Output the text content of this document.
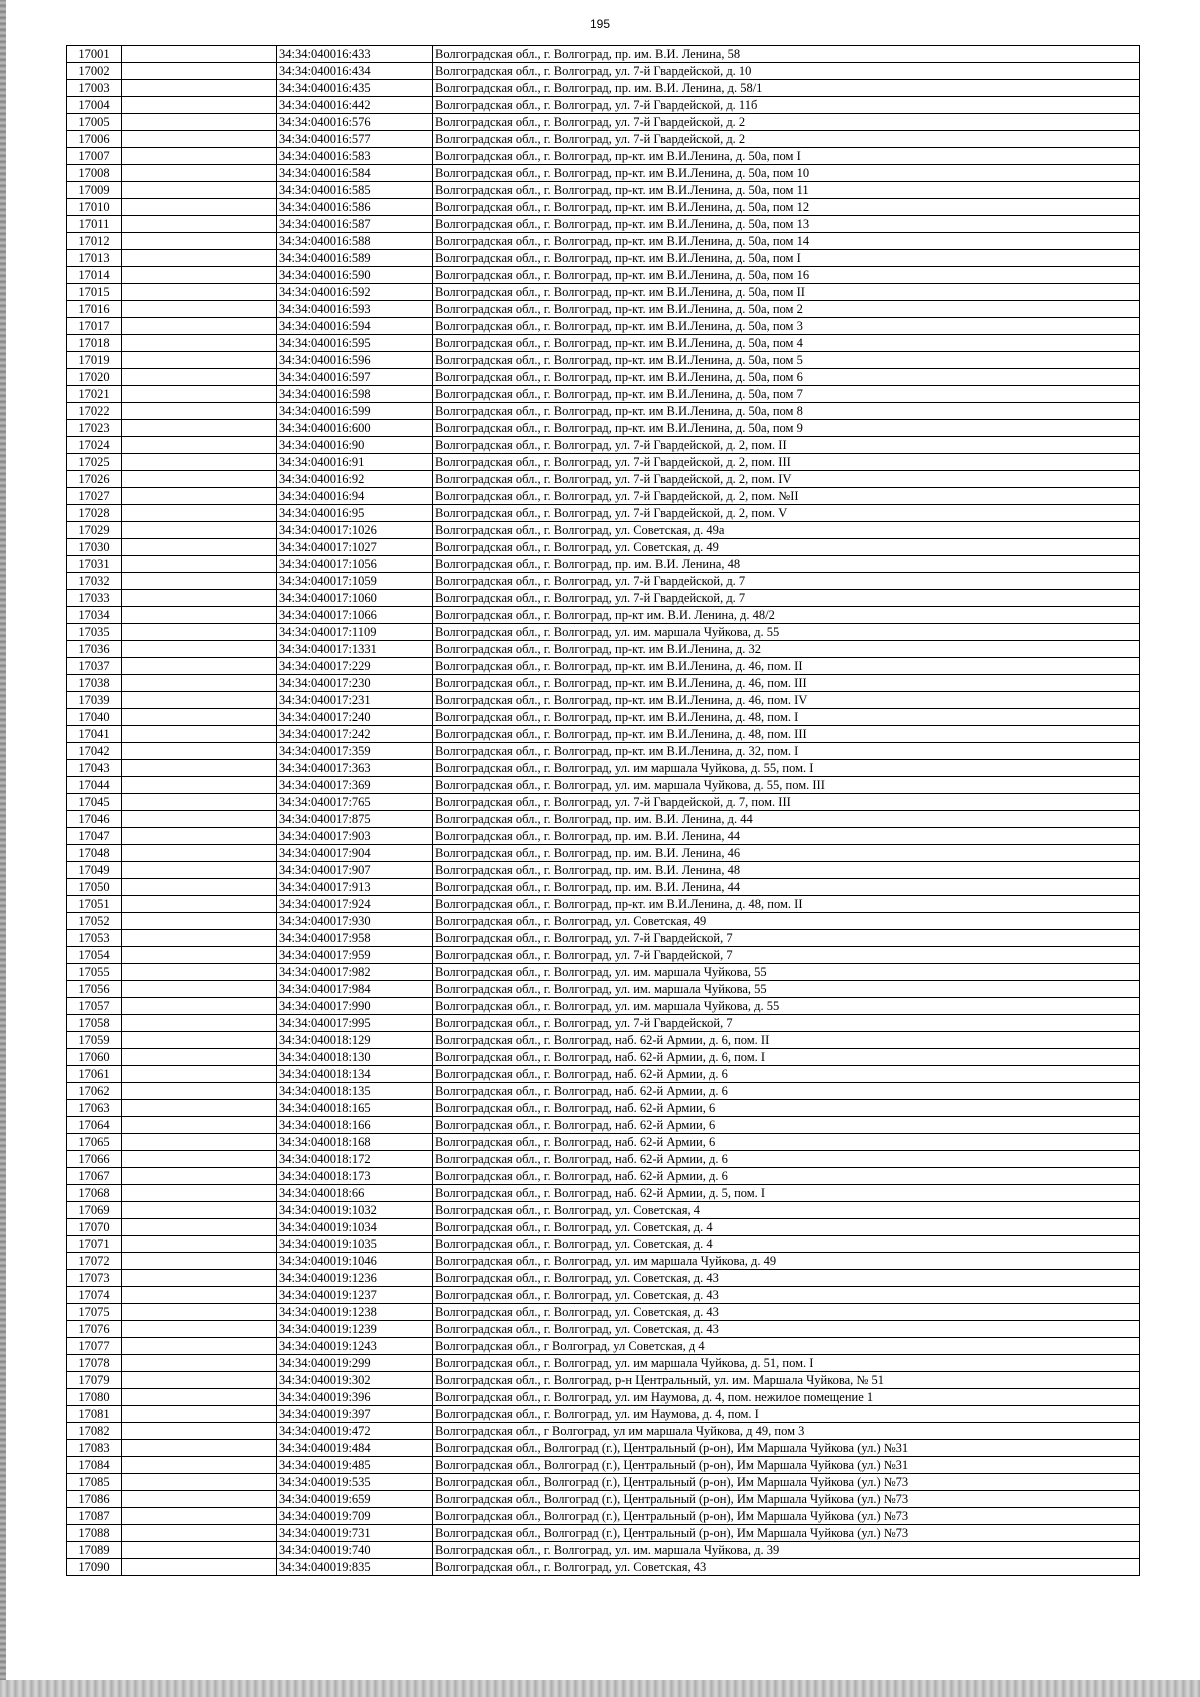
195
17001		34:34:040016:433	Волгоградская обл., г. Волгоград, пр. им. В.И. Ленина, 58
17002		34:34:040016:434	Волгоградская обл., г. Волгоград, ул. 7-й Гвардейской, д. 10
17003		34:34:040016:435	Волгоградская обл., г. Волгоград, пр. им. В.И. Ленина, д. 58/1
17004		34:34:040016:442	Волгоградская обл., г. Волгоград, ул. 7-й Гвардейской, д. 11б
17005		34:34:040016:576	Волгоградская обл., г. Волгоград, ул. 7-й Гвардейской, д. 2
17006		34:34:040016:577	Волгоградская обл., г. Волгоград, ул. 7-й Гвардейской, д. 2
17007		34:34:040016:583	Волгоградская обл., г. Волгоград, пр-кт. им В.И.Ленина, д. 50а, пом I
17008		34:34:040016:584	Волгоградская обл., г. Волгоград, пр-кт. им В.И.Ленина, д. 50а, пом 10
17009		34:34:040016:585	Волгоградская обл., г. Волгоград, пр-кт. им В.И.Ленина, д. 50а, пом 11
17010		34:34:040016:586	Волгоградская обл., г. Волгоград, пр-кт. им В.И.Ленина, д. 50а, пом 12
17011		34:34:040016:587	Волгоградская обл., г. Волгоград, пр-кт. им В.И.Ленина, д. 50а, пом 13
17012		34:34:040016:588	Волгоградская обл., г. Волгоград, пр-кт. им В.И.Ленина, д. 50а, пом 14
17013		34:34:040016:589	Волгоградская обл., г. Волгоград, пр-кт. им В.И.Ленина, д. 50а, пом I
17014		34:34:040016:590	Волгоградская обл., г. Волгоград, пр-кт. им В.И.Ленина, д. 50а, пом 16
17015		34:34:040016:592	Волгоградская обл., г. Волгоград, пр-кт. им В.И.Ленина, д. 50а, пом II
17016		34:34:040016:593	Волгоградская обл., г. Волгоград, пр-кт. им В.И.Ленина, д. 50а, пом 2
17017		34:34:040016:594	Волгоградская обл., г. Волгоград, пр-кт. им В.И.Ленина, д. 50а, пом 3
17018		34:34:040016:595	Волгоградская обл., г. Волгоград, пр-кт. им В.И.Ленина, д. 50а, пом 4
17019		34:34:040016:596	Волгоградская обл., г. Волгоград, пр-кт. им В.И.Ленина, д. 50а, пом 5
17020		34:34:040016:597	Волгоградская обл., г. Волгоград, пр-кт. им В.И.Ленина, д. 50а, пом 6
17021		34:34:040016:598	Волгоградская обл., г. Волгоград, пр-кт. им В.И.Ленина, д. 50а, пом 7
17022		34:34:040016:599	Волгоградская обл., г. Волгоград, пр-кт. им В.И.Ленина, д. 50а, пом 8
17023		34:34:040016:600	Волгоградская обл., г. Волгоград, пр-кт. им В.И.Ленина, д. 50а, пом 9
17024		34:34:040016:90	Волгоградская обл., г. Волгоград, ул. 7-й Гвардейской, д. 2, пом. II
17025		34:34:040016:91	Волгоградская обл., г. Волгоград, ул. 7-й Гвардейской, д. 2, пом. III
17026		34:34:040016:92	Волгоградская обл., г. Волгоград, ул. 7-й Гвардейской, д. 2, пом. IV
17027		34:34:040016:94	Волгоградская обл., г. Волгоград, ул. 7-й Гвардейской, д. 2, пом. №II
17028		34:34:040016:95	Волгоградская обл., г. Волгоград, ул. 7-й Гвардейской, д. 2, пом. V
17029		34:34:040017:1026	Волгоградская обл., г. Волгоград, ул. Советская, д. 49а
17030		34:34:040017:1027	Волгоградская обл., г. Волгоград, ул. Советская, д. 49
17031		34:34:040017:1056	Волгоградская обл., г. Волгоград, пр. им. В.И. Ленина, 48
17032		34:34:040017:1059	Волгоградская обл., г. Волгоград, ул. 7-й Гвардейской, д. 7
17033		34:34:040017:1060	Волгоградская обл., г. Волгоград, ул. 7-й Гвардейской, д. 7
17034		34:34:040017:1066	Волгоградская обл., г. Волгоград, пр-кт им. В.И. Ленина, д. 48/2
17035		34:34:040017:1109	Волгоградская обл., г. Волгоград, ул. им. маршала Чуйкова, д. 55
17036		34:34:040017:1331	Волгоградская обл., г. Волгоград, пр-кт. им В.И.Ленина, д. 32
17037		34:34:040017:229	Волгоградская обл., г. Волгоград, пр-кт. им В.И.Ленина, д. 46, пом. II
17038		34:34:040017:230	Волгоградская обл., г. Волгоград, пр-кт. им В.И.Ленина, д. 46, пом. III
17039		34:34:040017:231	Волгоградская обл., г. Волгоград, пр-кт. им В.И.Ленина, д. 46, пом. IV
17040		34:34:040017:240	Волгоградская обл., г. Волгоград, пр-кт. им В.И.Ленина, д. 48, пом. I
17041		34:34:040017:242	Волгоградская обл., г. Волгоград, пр-кт. им В.И.Ленина, д. 48, пом. III
17042		34:34:040017:359	Волгоградская обл., г. Волгоград, пр-кт. им В.И.Ленина, д. 32, пом. I
17043		34:34:040017:363	Волгоградская обл., г. Волгоград, ул. им маршала Чуйкова, д. 55, пом. I
17044		34:34:040017:369	Волгоградская обл., г. Волгоград, ул. им. маршала Чуйкова, д. 55, пом. III
17045		34:34:040017:765	Волгоградская обл., г. Волгоград, ул. 7-й Гвардейской, д. 7, пом. III
17046		34:34:040017:875	Волгоградская обл., г. Волгоград, пр. им. В.И. Ленина, д. 44
17047		34:34:040017:903	Волгоградская обл., г. Волгоград, пр. им. В.И. Ленина, 44
17048		34:34:040017:904	Волгоградская обл., г. Волгоград, пр. им. В.И. Ленина, 46
17049		34:34:040017:907	Волгоградская обл., г. Волгоград, пр. им. В.И. Ленина, 48
17050		34:34:040017:913	Волгоградская обл., г. Волгоград, пр. им. В.И. Ленина, 44
17051		34:34:040017:924	Волгоградская обл., г. Волгоград, пр-кт. им В.И.Ленина, д. 48, пом. II
17052		34:34:040017:930	Волгоградская обл., г. Волгоград, ул. Советская, 49
17053		34:34:040017:958	Волгоградская обл., г. Волгоград, ул. 7-й Гвардейской, 7
17054		34:34:040017:959	Волгоградская обл., г. Волгоград, ул. 7-й Гвардейской, 7
17055		34:34:040017:982	Волгоградская обл., г. Волгоград, ул. им. маршала Чуйкова, 55
17056		34:34:040017:984	Волгоградская обл., г. Волгоград, ул. им. маршала Чуйкова, 55
17057		34:34:040017:990	Волгоградская обл., г. Волгоград, ул. им. маршала Чуйкова, д. 55
17058		34:34:040017:995	Волгоградская обл., г. Волгоград, ул. 7-й Гвардейской, 7
17059		34:34:040018:129	Волгоградская обл., г. Волгоград, наб. 62-й Армии, д. 6, пом. II
17060		34:34:040018:130	Волгоградская обл., г. Волгоград, наб. 62-й Армии, д. 6, пом. I
17061		34:34:040018:134	Волгоградская обл., г. Волгоград, наб. 62-й Армии, д. 6
17062		34:34:040018:135	Волгоградская обл., г. Волгоград, наб. 62-й Армии, д. 6
17063		34:34:040018:165	Волгоградская обл., г. Волгоград, наб. 62-й Армии, 6
17064		34:34:040018:166	Волгоградская обл., г. Волгоград, наб. 62-й Армии, 6
17065		34:34:040018:168	Волгоградская обл., г. Волгоград, наб. 62-й Армии, 6
17066		34:34:040018:172	Волгоградская обл., г. Волгоград, наб. 62-й Армии, д. 6
17067		34:34:040018:173	Волгоградская обл., г. Волгоград, наб. 62-й Армии, д. 6
17068		34:34:040018:66	Волгоградская обл., г. Волгоград, наб. 62-й Армии, д. 5, пом. I
17069		34:34:040019:1032	Волгоградская обл., г. Волгоград, ул. Советская, 4
17070		34:34:040019:1034	Волгоградская обл., г. Волгоград, ул. Советская, д. 4
17071		34:34:040019:1035	Волгоградская обл., г. Волгоград, ул. Советская, д. 4
17072		34:34:040019:1046	Волгоградская обл., г. Волгоград, ул. им маршала Чуйкова, д. 49
17073		34:34:040019:1236	Волгоградская обл., г. Волгоград, ул. Советская, д. 43
17074		34:34:040019:1237	Волгоградская обл., г. Волгоград, ул. Советская, д. 43
17075		34:34:040019:1238	Волгоградская обл., г. Волгоград, ул. Советская, д. 43
17076		34:34:040019:1239	Волгоградская обл., г. Волгоград, ул. Советская, д. 43
17077		34:34:040019:1243	Волгоградская обл., г Волгоград, ул Советская, д 4
17078		34:34:040019:299	Волгоградская обл., г. Волгоград, ул. им маршала Чуйкова, д. 51, пом. I
17079		34:34:040019:302	Волгоградская обл., г. Волгоград, р-н Центральный, ул. им. Маршала Чуйкова, № 51
17080		34:34:040019:396	Волгоградская обл., г. Волгоград, ул. им Наумова, д. 4, пом. нежилое помещение 1
17081		34:34:040019:397	Волгоградская обл., г. Волгоград, ул. им Наумова, д. 4, пом. I
17082		34:34:040019:472	Волгоградская обл., г Волгоград, ул им маршала Чуйкова, д 49, пом 3
17083		34:34:040019:484	Волгоградская обл., Волгоград (г.), Центральный (р-он), Им Маршала Чуйкова (ул.) №31
17084		34:34:040019:485	Волгоградская обл., Волгоград (г.), Центральный (р-он), Им Маршала Чуйкова (ул.) №31
17085		34:34:040019:535	Волгоградская обл., Волгоград (г.), Центральный (р-он), Им Маршала Чуйкова (ул.) №73
17086		34:34:040019:659	Волгоградская обл., Волгоград (г.), Центральный (р-он), Им Маршала Чуйкова (ул.) №73
17087		34:34:040019:709	Волгоградская обл., Волгоград (г.), Центральный (р-он), Им Маршала Чуйкова (ул.) №73
17088		34:34:040019:731	Волгоградская обл., Волгоград (г.), Центральный (р-он), Им Маршала Чуйкова (ул.) №73
17089		34:34:040019:740	Волгоградская обл., г. Волгоград, ул. им. маршала Чуйкова, д. 39
17090		34:34:040019:835	Волгоградская обл., г. Волгоград, ул. Советская, 43
